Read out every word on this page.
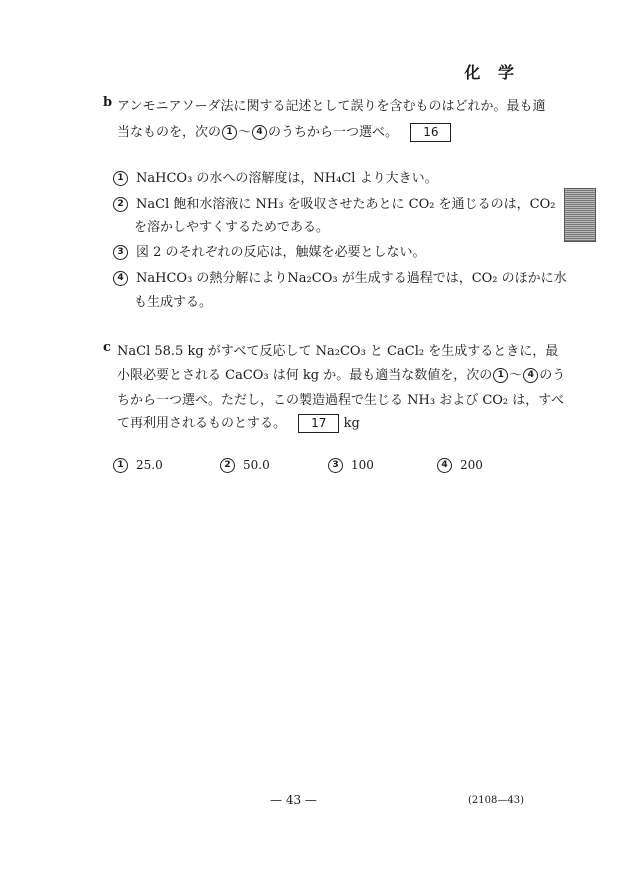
化 学
b アンモニアソーダ法に関する記述として誤りを含むものはどれか。最も適
当なものを，次の 1 ～ 4 のうちから一つ選べ。 16
1 NaHCO₃ の水への溶解度は，NH₄Cl より大きい。
2 NaCl 飽和水溶液に NH₃ を吸収させたあとに CO₂ を通じるのは，CO₂
を溶かしやすくするためである。
3 図 2 のそれぞれの反応は，触媒を必要としない。
4 NaHCO₃ の熱分解によりNa₂CO₃ が生成する過程では，CO₂ のほかに水
も生成する。
c NaCl 58.5 kg がすべて反応して Na₂CO₃ と CaCl₂ を生成するときに，最
小限必要とされる CaCO₃ は何 kg か。最も適当な数値を，次の 1 ～ 4 のう
ちから一つ選べ。ただし，この製造過程で生じる NH₃ および CO₂ は，すべ
て再利用されるものとする。 17 kg
1 25.0	2 50.0	3 100	4 200
— 43 —	(2108—43)
